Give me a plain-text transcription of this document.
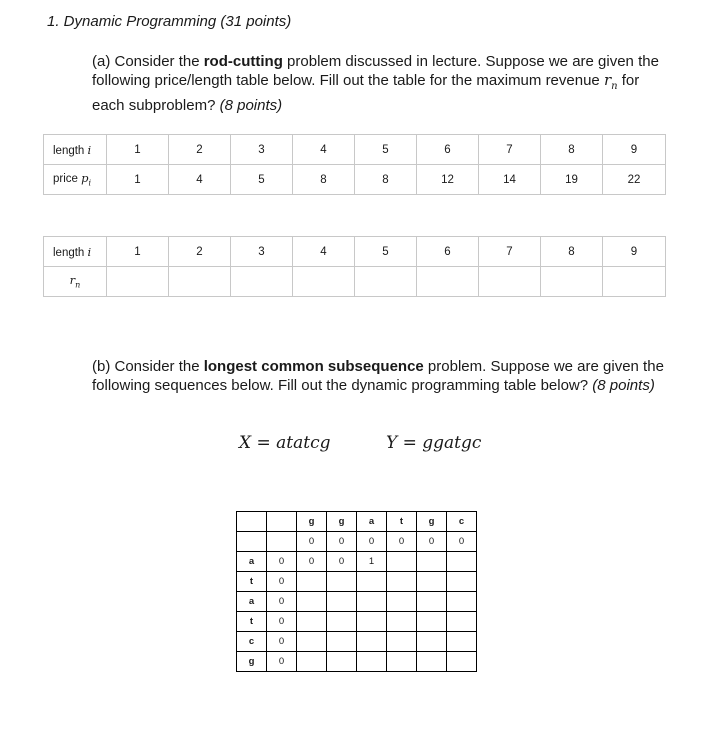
1. Dynamic Programming (31 points)
(a) Consider the rod-cutting problem discussed in lecture. Suppose we are given the following price/length table below. Fill out the table for the maximum revenue $r_n$ for each subproblem? (8 points)
length i	1	2	3	4	5	6	7	8	9
price $p_i$	1	4	5	8	8	12	14	19	22
length i	1	2	3	4	5	6	7	8	9
$r_n$									
(b) Consider the longest common subsequence problem. Suppose we are given the following sequences below. Fill out the dynamic programming table below? (8 points)
X = atatcg	Y = ggatgc
		g	g	a	t	g	c
		0	0	0	0	0	0
a	0	0	0	1			
t	0						
a	0						
t	0						
c	0						
g	0						
